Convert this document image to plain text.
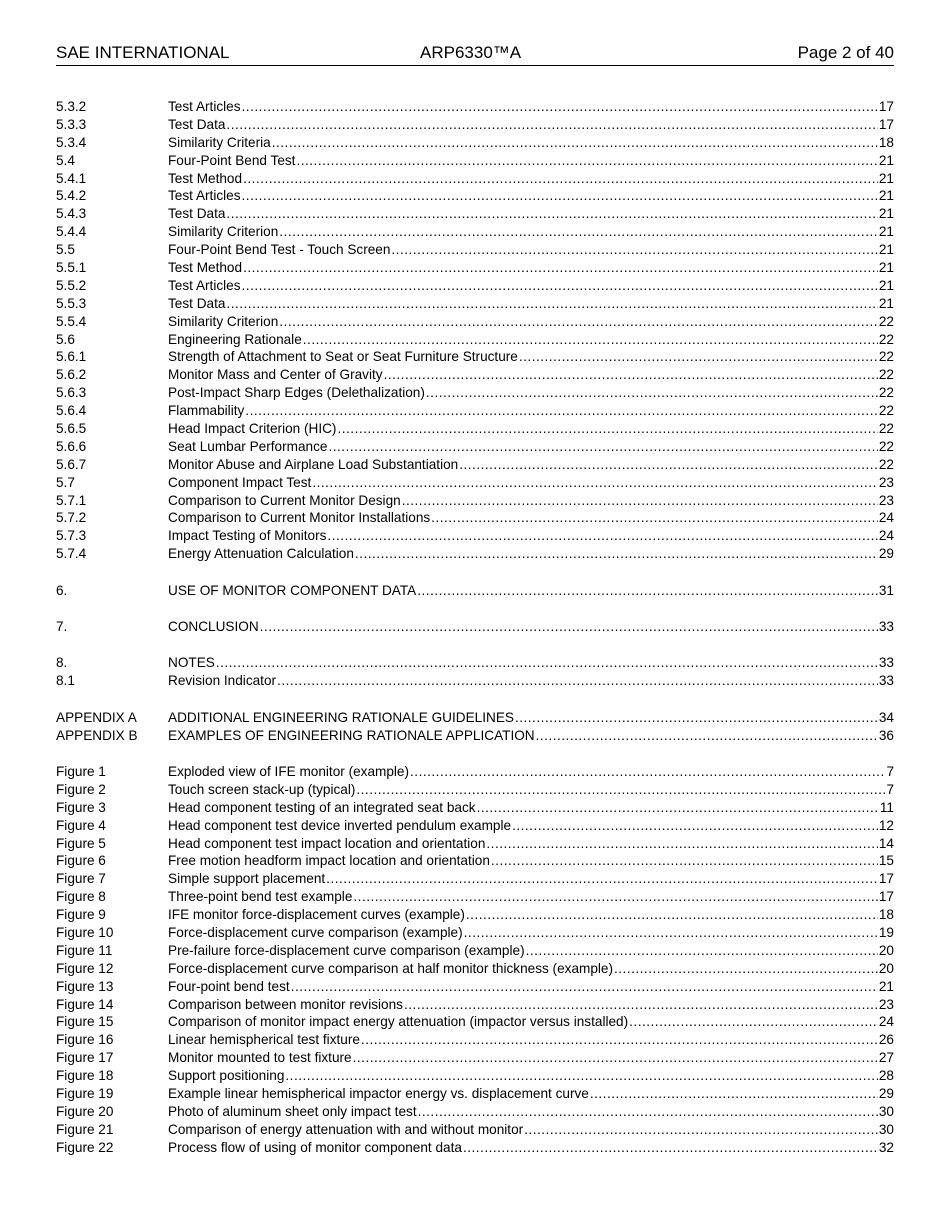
SAE INTERNATIONAL	ARP6330™A	Page 2 of 40
5.3.2	Test Articles .....	17
5.3.3	Test Data .....	17
5.3.4	Similarity Criteria .....	18
5.4	Four-Point Bend Test .....	21
5.4.1	Test Method .....	21
5.4.2	Test Articles .....	21
5.4.3	Test Data .....	21
5.4.4	Similarity Criterion .....	21
5.5	Four-Point Bend Test - Touch Screen .....	21
5.5.1	Test Method .....	21
5.5.2	Test Articles .....	21
5.5.3	Test Data .....	21
5.5.4	Similarity Criterion .....	22
5.6	Engineering Rationale .....	22
5.6.1	Strength of Attachment to Seat or Seat Furniture Structure .....	22
5.6.2	Monitor Mass and Center of Gravity .....	22
5.6.3	Post-Impact Sharp Edges (Delethalization) .....	22
5.6.4	Flammability .....	22
5.6.5	Head Impact Criterion (HIC) .....	22
5.6.6	Seat Lumbar Performance .....	22
5.6.7	Monitor Abuse and Airplane Load Substantiation .....	22
5.7	Component Impact Test .....	23
5.7.1	Comparison to Current Monitor Design .....	23
5.7.2	Comparison to Current Monitor Installations .....	24
5.7.3	Impact Testing of Monitors .....	24
5.7.4	Energy Attenuation Calculation .....	29
6.	USE OF MONITOR COMPONENT DATA .....	31
7.	CONCLUSION .....	33
8.	NOTES .....	33
8.1	Revision Indicator .....	33
APPENDIX A	ADDITIONAL ENGINEERING RATIONALE GUIDELINES .....	34
APPENDIX B	EXAMPLES OF ENGINEERING RATIONALE APPLICATION .....	36
Figure 1	Exploded view of IFE monitor (example) .....	7
Figure 2	Touch screen stack-up (typical) .....	7
Figure 3	Head component testing of an integrated seat back .....	11
Figure 4	Head component test device inverted pendulum example .....	12
Figure 5	Head component test impact location and orientation .....	14
Figure 6	Free motion headform impact location and orientation .....	15
Figure 7	Simple support placement .....	17
Figure 8	Three-point bend test example .....	17
Figure 9	IFE monitor force-displacement curves (example) .....	18
Figure 10	Force-displacement curve comparison (example) .....	19
Figure 11	Pre-failure force-displacement curve comparison (example) .....	20
Figure 12	Force-displacement curve comparison at half monitor thickness (example) .....	20
Figure 13	Four-point bend test .....	21
Figure 14	Comparison between monitor revisions .....	23
Figure 15	Comparison of monitor impact energy attenuation (impactor versus installed) .....	24
Figure 16	Linear hemispherical test fixture .....	26
Figure 17	Monitor mounted to test fixture .....	27
Figure 18	Support positioning .....	28
Figure 19	Example linear hemispherical impactor energy vs. displacement curve .....	29
Figure 20	Photo of aluminum sheet only impact test .....	30
Figure 21	Comparison of energy attenuation with and without monitor .....	30
Figure 22	Process flow of using of monitor component data .....	32
